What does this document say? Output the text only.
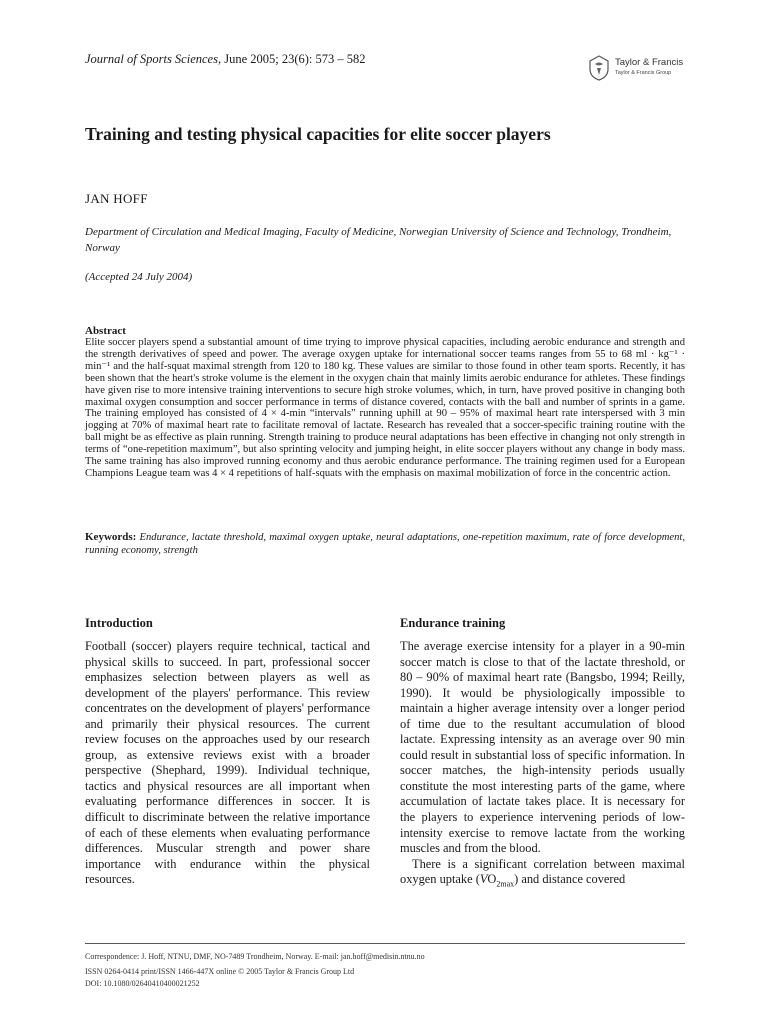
Journal of Sports Sciences, June 2005; 23(6): 573 – 582	Taylor & Francis
Taylor & Francis Group
Training and testing physical capacities for elite soccer players
JAN HOFF
Department of Circulation and Medical Imaging, Faculty of Medicine, Norwegian University of Science and Technology, Trondheim, Norway
(Accepted 24 July 2004)
Abstract
Elite soccer players spend a substantial amount of time trying to improve physical capacities, including aerobic endurance and strength and the strength derivatives of speed and power. The average oxygen uptake for international soccer teams ranges from 55 to 68 ml · kg⁻¹ · min⁻¹ and the half-squat maximal strength from 120 to 180 kg. These values are similar to those found in other team sports. Recently, it has been shown that the heart's stroke volume is the element in the oxygen chain that mainly limits aerobic endurance for athletes. These findings have given rise to more intensive training interventions to secure high stroke volumes, which, in turn, have proved positive in changing both maximal oxygen consumption and soccer performance in terms of distance covered, contacts with the ball and number of sprints in a game. The training employed has consisted of 4 × 4-min “intervals” running uphill at 90 – 95% of maximal heart rate interspersed with 3 min jogging at 70% of maximal heart rate to facilitate removal of lactate. Research has revealed that a soccer-specific training routine with the ball might be as effective as plain running. Strength training to produce neural adaptations has been effective in changing not only strength in terms of “one-repetition maximum”, but also sprinting velocity and jumping height, in elite soccer players without any change in body mass. The same training has also improved running economy and thus aerobic endurance performance. The training regimen used for a European Champions League team was 4 × 4 repetitions of half-squats with the emphasis on maximal mobilization of force in the concentric action.
Keywords: Endurance, lactate threshold, maximal oxygen uptake, neural adaptations, one-repetition maximum, rate of force development, running economy, strength
Introduction

Football (soccer) players require technical, tactical and physical skills to succeed. In part, professional soccer emphasizes selection between players as well as development of the players' performance. This review concentrates on the development of players' performance and primarily their physical resources. The current review focuses on the approaches used by our research group, as extensive reviews exist with a broader perspective (Shephard, 1999). Individual technique, tactics and physical resources are all important when evaluating performance differences in soccer. It is difficult to discriminate between the relative importance of each of these elements when evaluating performance differences. Muscular strength and power share importance with endurance within the physical resources.

Endurance training

The average exercise intensity for a player in a 90-min soccer match is close to that of the lactate threshold, or 80 – 90% of maximal heart rate (Bangsbo, 1994; Reilly, 1990). It would be physiologically impossible to maintain a higher average intensity over a longer period of time due to the resultant accumulation of blood lactate. Expressing intensity as an average over 90 min could result in substantial loss of specific information. In soccer matches, the high-intensity periods usually constitute the most interesting parts of the game, where accumulation of lactate takes place. It is necessary for the players to experience intervening periods of low-intensity exercise to remove lactate from the working muscles and from the blood.

There is a significant correlation between maximal oxygen uptake $(VO_{2max})$ and distance covered

Correspondence: J. Hoff, NTNU, DMF, NO-7489 Trondheim, Norway. E-mail: jan.hoff@medisin.ntnu.no
ISSN 0264-0414 print/ISSN 1466-447X online © 2005 Taylor & Francis Group Ltd
DOI: 10.1080/02640410400021252
